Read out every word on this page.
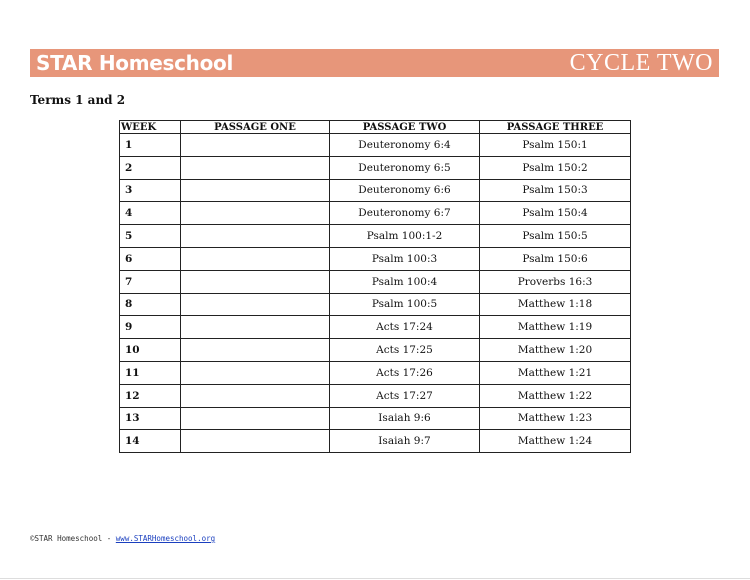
STAR Homeschool	CYCLE TWO
Terms 1 and 2
WEEK	PASSAGE ONE	PASSAGE TWO	PASSAGE THREE
1		Deuteronomy 6:4	Psalm 150:1
2		Deuteronomy 6:5	Psalm 150:2
3		Deuteronomy 6:6	Psalm 150:3
4		Deuteronomy 6:7	Psalm 150:4
5		Psalm 100:1-2	Psalm 150:5
6		Psalm 100:3	Psalm 150:6
7		Psalm 100:4	Proverbs 16:3
8		Psalm 100:5	Matthew 1:18
9		Acts 17:24	Matthew 1:19
10		Acts 17:25	Matthew 1:20
11		Acts 17:26	Matthew 1:21
12		Acts 17:27	Matthew 1:22
13		Isaiah 9:6	Matthew 1:23
14		Isaiah 9:7	Matthew 1:24
©STAR Homeschool - www.STARHomeschool.org
